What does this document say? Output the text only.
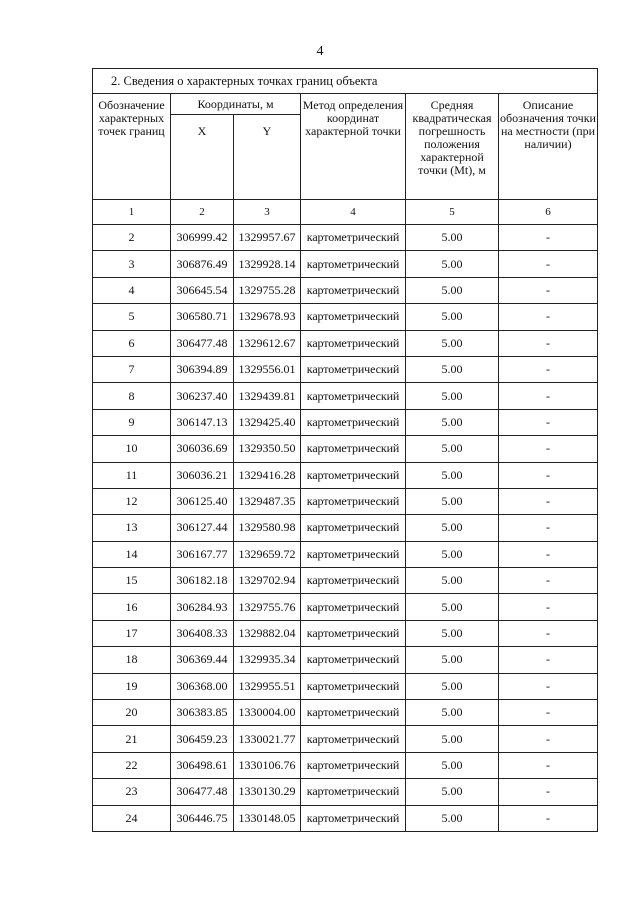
4
2. Сведения о характерных точках границ объекта					
Обозначение характерных точек границ	Координаты, м		Метод определения координат характерной точки	Средняя квадратическая погрешность положения характерной точки (Mt), м	Описание обозначения точки на местности (при наличии)
	X	Y			
1	2	3	4	5	6
2	306999.42	1329957.67	картометрический	5.00	-
3	306876.49	1329928.14	картометрический	5.00	-
4	306645.54	1329755.28	картометрический	5.00	-
5	306580.71	1329678.93	картометрический	5.00	-
6	306477.48	1329612.67	картометрический	5.00	-
7	306394.89	1329556.01	картометрический	5.00	-
8	306237.40	1329439.81	картометрический	5.00	-
9	306147.13	1329425.40	картометрический	5.00	-
10	306036.69	1329350.50	картометрический	5.00	-
11	306036.21	1329416.28	картометрический	5.00	-
12	306125.40	1329487.35	картометрический	5.00	-
13	306127.44	1329580.98	картометрический	5.00	-
14	306167.77	1329659.72	картометрический	5.00	-
15	306182.18	1329702.94	картометрический	5.00	-
16	306284.93	1329755.76	картометрический	5.00	-
17	306408.33	1329882.04	картометрический	5.00	-
18	306369.44	1329935.34	картометрический	5.00	-
19	306368.00	1329955.51	картометрический	5.00	-
20	306383.85	1330004.00	картометрический	5.00	-
21	306459.23	1330021.77	картометрический	5.00	-
22	306498.61	1330106.76	картометрический	5.00	-
23	306477.48	1330130.29	картометрический	5.00	-
24	306446.75	1330148.05	картометрический	5.00	-
